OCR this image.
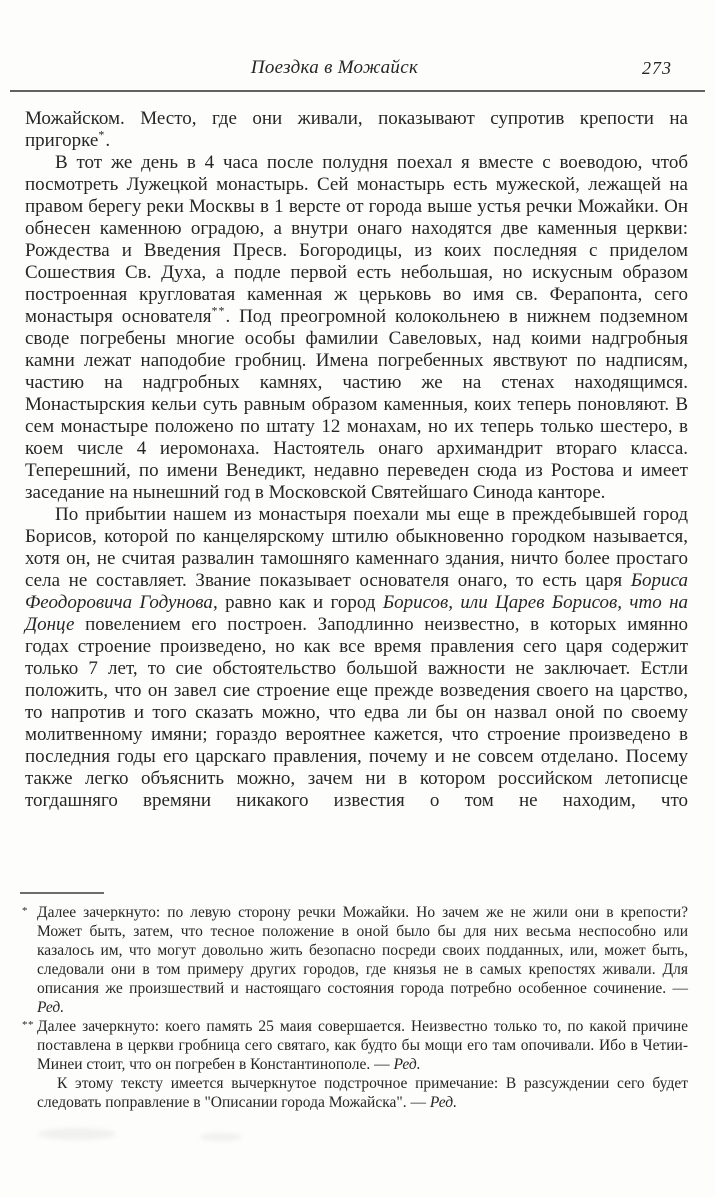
Поездка в Можайск	273

Можайском. Место, где они живали, показывают супротив крепости на пригорке*.

В тот же день в 4 часа после полудня поехал я вместе с воеводою, чтоб посмотреть Лужецкой монастырь. Сей монастырь есть мужеской, лежащей на правом берегу реки Москвы в 1 версте от города выше устья речки Можайки. Он обнесен каменною оградою, а внутри онаго находятся две каменныя церкви: Рождества и Введения Пресв. Богородицы, из коих последняя с приделом Сошествия Св. Духа, а подле первой есть небольшая, но искусным образом построенная кругловатая каменная ж церьковь во имя св. Ферапонта, сего монастыря основателя**. Под преогромной колокольнею в нижнем подземном своде погребены многие особы фамилии Савеловых, над коими надгробныя камни лежат наподобие гробниц. Имена погребенных явствуют по надписям, частию на надгробных камнях, частию же на стенах находящимся. Монастырския кельи суть равным образом каменныя, коих теперь поновляют. В сем монастыре положено по штату 12 монахам, но их теперь только шестеро, в коем числе 4 иеромонаха. Настоятель онаго архимандрит втораго класса. Теперешний, по имени Венедикт, недавно переведен сюда из Ростова и имеет заседание на нынешний год в Московской Святейшаго Синода канторе.

По прибытии нашем из монастыря поехали мы еще в преждебывшей город Борисов, которой по канцелярскому штилю обыкновенно городком называется, хотя он, не считая развалин тамошняго каменнаго здания, ничто более простаго села не составляет. Звание показывает основателя онаго, то есть царя Бориса Феодоровича Годунова, равно как и город Борисов, или Царев Борисов, что на Донце повелением его построен. Заподлинно неизвестно, в которых имянно годах строение произведено, но как все время правления сего царя содержит только 7 лет, то сие обстоятельство большой важности не заключает. Естли положить, что он завел сие строение еще прежде возведения своего на царство, то напротив и того сказать можно, что едва ли бы он назвал оной по своему молитвенному имяни; гораздо вероятнее кажется, что строение произведено в последния годы его царскаго правления, почему и не совсем отделано. Посему также легко объяснить можно, зачем ни в котором российском летописце тогдашняго времяни никакого известия о том не находим, что

* Далее зачеркнуто: по левую сторону речки Можайки. Но зачем же не жили они в крепости? Может быть, затем, что тесное положение в оной было бы для них весьма неспособно или казалось им, что могут довольно жить безопасно посреди своих подданных, или, может быть, следовали они в том примеру других городов, где князья не в самых крепостях живали. Для описания же произшествий и настоящаго состояния города потребно особенное сочинение. — Ред.
** Далее зачеркнуто: коего память 25 маия совершается. Неизвестно только то, по какой причине поставлена в церкви гробница сего святаго, как будто бы мощи его там опочивали. Ибо в Четии-Минеи стоит, что он погребен в Константинополе. — Ред.
К этому тексту имеется вычеркнутое подстрочное примечание: В разсуждении сего будет следовать поправление в "Описании города Можайска". — Ред.
